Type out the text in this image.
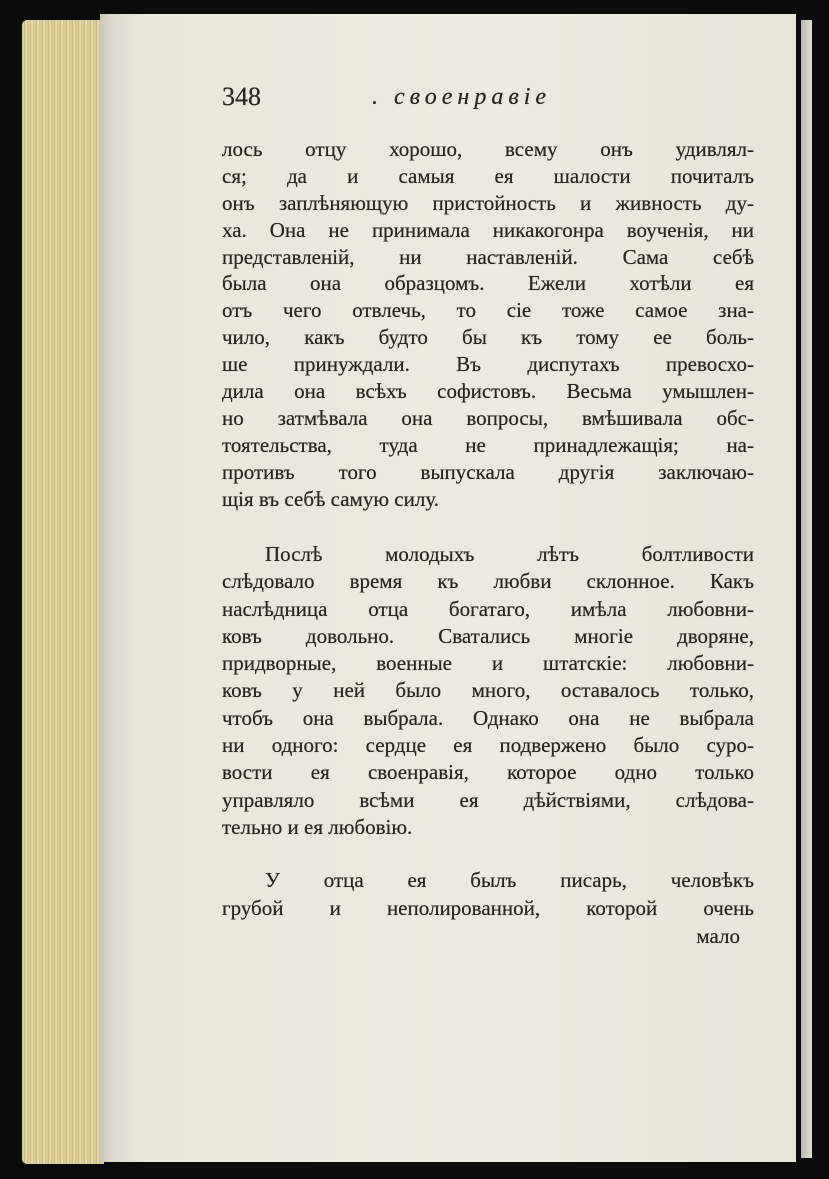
348	. своенравіе
лось отцу хорошо, всему онъ удивлял-
ся; да и самыя ея шалости почиталъ
онъ заплѣняющую пристойность и живность ду-
ха. Она не принимала никакогонра воученія, ни
представленій, ни наставленій. Сама себѣ
была она образцомъ. Ежели хотѣли ея
отъ чего отвлечь, то сіе тоже самое зна-
чило, какъ будто бы къ тому ее боль-
ше принуждали. Въ диспутахъ превосхо-
дила она всѣхъ софистовъ. Весьма умышлен-
но затмѣвала она вопросы, вмѣшивала обс-
тоятельства, туда не принадлежащія; на-
противъ того выпускала другія заключаю-
щія въ себѣ самую силу.
Послѣ молодыхъ лѣтъ болтливости
слѣдовало время къ любви склонное. Какъ
наслѣдница отца богатаго, имѣла любовни-
ковъ довольно. Сватались многіе дворяне,
придворные, военные и штатскіе: любовни-
ковъ у ней было много, оставалось только,
чтобъ она выбрала. Однако она не выбрала
ни одного: сердце ея подвержено было суро-
вости ея своенравія, которое одно только
управляло всѣми ея дѣйствіями, слѣдова-
тельно и ея любовію.
У отца ея былъ писарь, человѣкъ
грубой и неполированной, которой очень
мало
